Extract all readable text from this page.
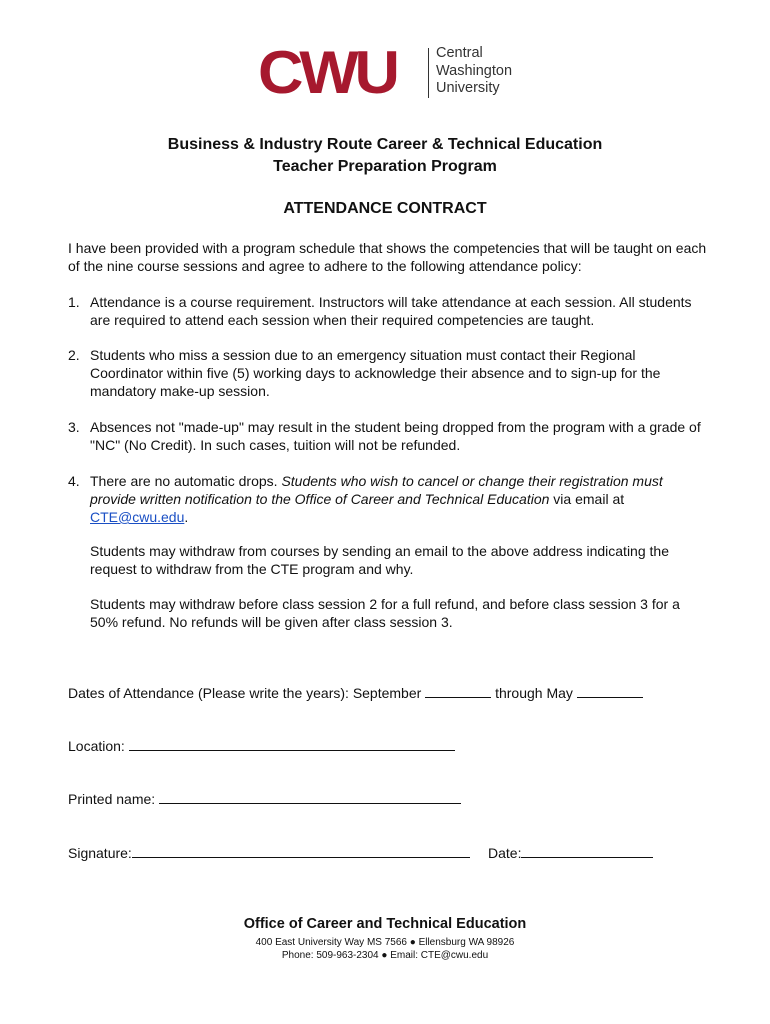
CWU	Central
Washington
University
Business & Industry Route Career & Technical Education
Teacher Preparation Program
ATTENDANCE CONTRACT

I have been provided with a program schedule that shows the competencies that will be taught on each of the nine course sessions and agree to adhere to the following attendance policy:

1. Attendance is a course requirement. Instructors will take attendance at each session. All students are required to attend each session when their required competencies are taught.
2. Students who miss a session due to an emergency situation must contact their Regional Coordinator within five (5) working days to acknowledge their absence and to sign-up for the mandatory make-up session.
3. Absences not "made-up" may result in the student being dropped from the program with a grade of "NC" (No Credit). In such cases, tuition will not be refunded.
4. There are no automatic drops. Students who wish to cancel or change their registration must provide written notification to the Office of Career and Technical Education via email at CTE@cwu.edu.

Students may withdraw from courses by sending an email to the above address indicating the request to withdraw from the CTE program and why.

Students may withdraw before class session 2 for a full refund, and before class session 3 for a 50% refund. No refunds will be given after class session 3.

Dates of Attendance (Please write the years): September	through May
Location:
Printed name:
Signature:	Date:
Office of Career and Technical Education
400 East University Way MS 7566 ● Ellensburg WA 98926
Phone: 509-963-2304 ● Email: CTE@cwu.edu
